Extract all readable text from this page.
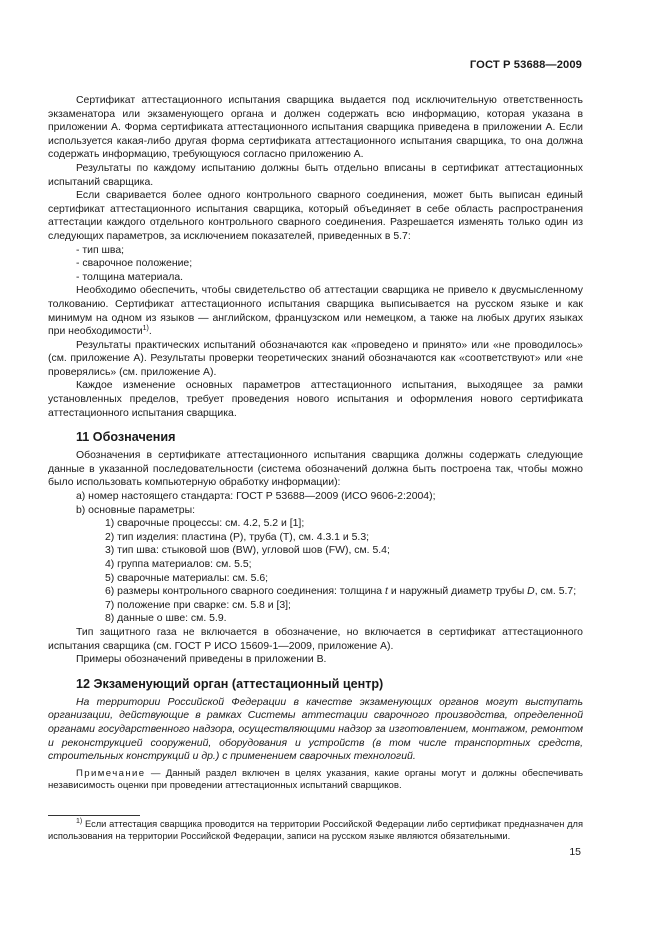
ГОСТ Р 53688—2009

Сертификат аттестационного испытания сварщика выдается под исключительную ответственность экзаменатора или экзаменующего органа и должен содержать всю информацию, которая указана в приложении А. Форма сертификата аттестационного испытания сварщика приведена в приложении А. Если используется какая-либо другая форма сертификата аттестационного испытания сварщика, то она должна содержать информацию, требующуюся согласно приложению А.

Результаты по каждому испытанию должны быть отдельно вписаны в сертификат аттестационных испытаний сварщика.

Если сваривается более одного контрольного сварного соединения, может быть выписан единый сертификат аттестационного испытания сварщика, который объединяет в себе область распространения аттестации каждого отдельного контрольного сварного соединения. Разрешается изменять только один из следующих параметров, за исключением показателей, приведенных в 5.7:

- тип шва;

- сварочное положение;

- толщина материала.

Необходимо обеспечить, чтобы свидетельство об аттестации сварщика не привело к двусмысленному толкованию. Сертификат аттестационного испытания сварщика выписывается на русском языке и как минимум на одном из языков — английском, французском или немецком, а также на любых других языках при необходимости$^{1)}$.

Результаты практических испытаний обозначаются как «проведено и принято» или «не проводилось» (см. приложение А). Результаты проверки теоретических знаний обозначаются как «соответствуют» или «не проверялись» (см. приложение А).

Каждое изменение основных параметров аттестационного испытания, выходящее за рамки установленных пределов, требует проведения нового испытания и оформления нового сертификата аттестационного испытания сварщика.

11 Обозначения

Обозначения в сертификате аттестационного испытания сварщика должны содержать следующие данные в указанной последовательности (система обозначений должна быть построена так, чтобы можно было использовать компьютерную обработку информации):

а) номер настоящего стандарта: ГОСТ Р 53688—2009 (ИСО 9606-2:2004);

b) основные параметры:

1) сварочные процессы: см. 4.2, 5.2 и [1];

2) тип изделия: пластина (Р), труба (Т), см. 4.3.1 и 5.3;

3) тип шва: стыковой шов (BW), угловой шов (FW), см. 5.4;

4) группа материалов: см. 5.5;

5) сварочные материалы: см. 5.6;

6) размеры контрольного сварного соединения: толщина t и наружный диаметр трубы D, см. 5.7;

7) положение при сварке: см. 5.8 и [3];

8) данные о шве: см. 5.9.

Тип защитного газа не включается в обозначение, но включается в сертификат аттестационного испытания сварщика (см. ГОСТ Р ИСО 15609-1—2009, приложение А).

Примеры обозначений приведены в приложении В.

12 Экзаменующий орган (аттестационный центр)

На территории Российской Федерации в качестве экзаменующих органов могут выступать организации, действующие в рамках Системы аттестации сварочного производства, определенной органами государственного надзора, осуществляющими надзор за изготовлением, монтажом, ремонтом и реконструкцией сооружений, оборудования и устройств (в том числе транспортных средств, строительных конструкций и др.) с применением сварочных технологий.

Примечание — Данный раздел включен в целях указания, какие органы могут и должны обеспечивать независимость оценки при проведении аттестационных испытаний сварщиков.

$^{1)}$ Если аттестация сварщика проводится на территории Российской Федерации либо сертификат предназначен для использования на территории Российской Федерации, записи на русском языке являются обязательными.

15
